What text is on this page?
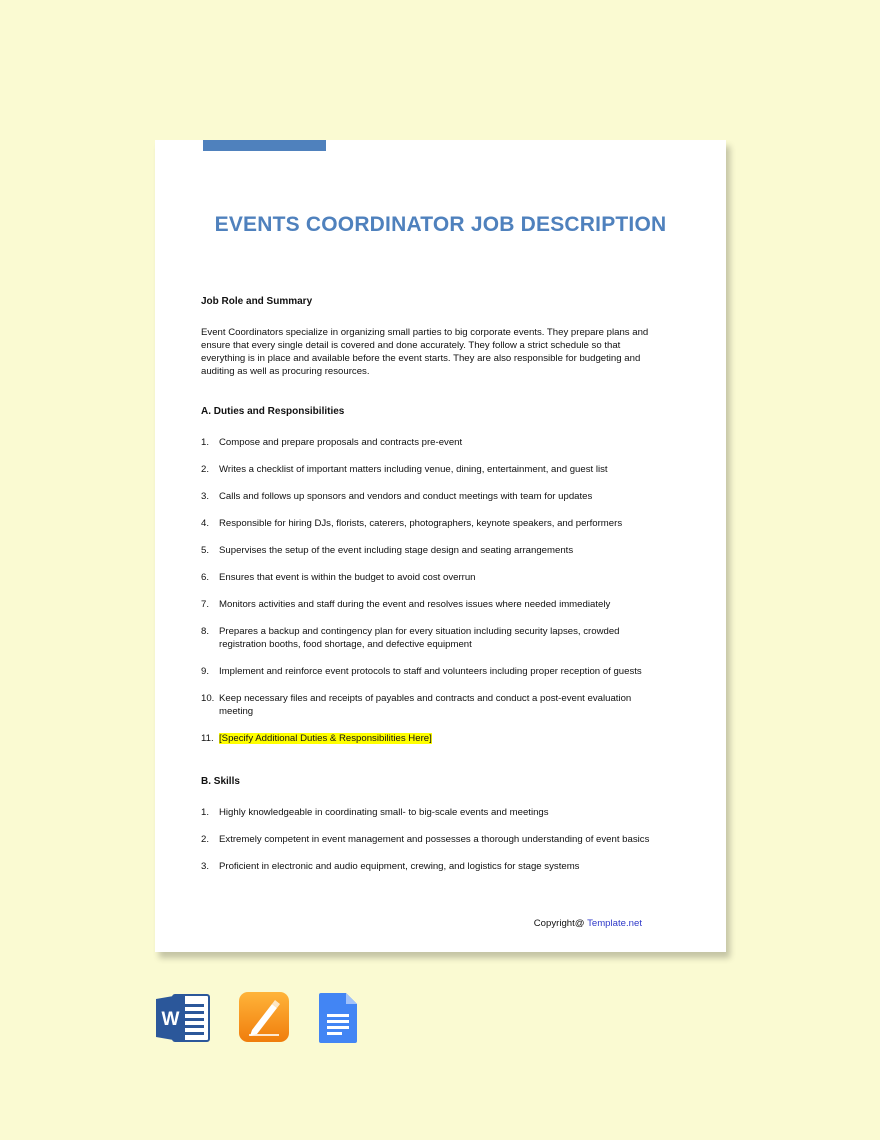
EVENTS COORDINATOR JOB DESCRIPTION

Job Role and Summary

Event Coordinators specialize in organizing small parties to big corporate events. They prepare plans and ensure that every single detail is covered and done accurately. They follow a strict schedule so that everything is in place and available before the event starts. They are also responsible for budgeting and auditing as well as procuring resources.

A. Duties and Responsibilities

1. Compose and prepare proposals and contracts pre-event
2. Writes a checklist of important matters including venue, dining, entertainment, and guest list
3. Calls and follows up sponsors and vendors and conduct meetings with team for updates
4. Responsible for hiring DJs, florists, caterers, photographers, keynote speakers, and performers
5. Supervises the setup of the event including stage design and seating arrangements
6. Ensures that event is within the budget to avoid cost overrun
7. Monitors activities and staff during the event and resolves issues where needed immediately
8. Prepares a backup and contingency plan for every situation including security lapses, crowded registration booths, food shortage, and defective equipment
9. Implement and reinforce event protocols to staff and volunteers including proper reception of guests
10. Keep necessary files and receipts of payables and contracts and conduct a post-event evaluation meeting
11. [Specify Additional Duties & Responsibilities Here]

B. Skills

1. Highly knowledgeable in coordinating small- to big-scale events and meetings
2. Extremely competent in event management and possesses a thorough understanding of event basics
3. Proficient in electronic and audio equipment, crewing, and logistics for stage systems
Copyright@ Template.net
W
